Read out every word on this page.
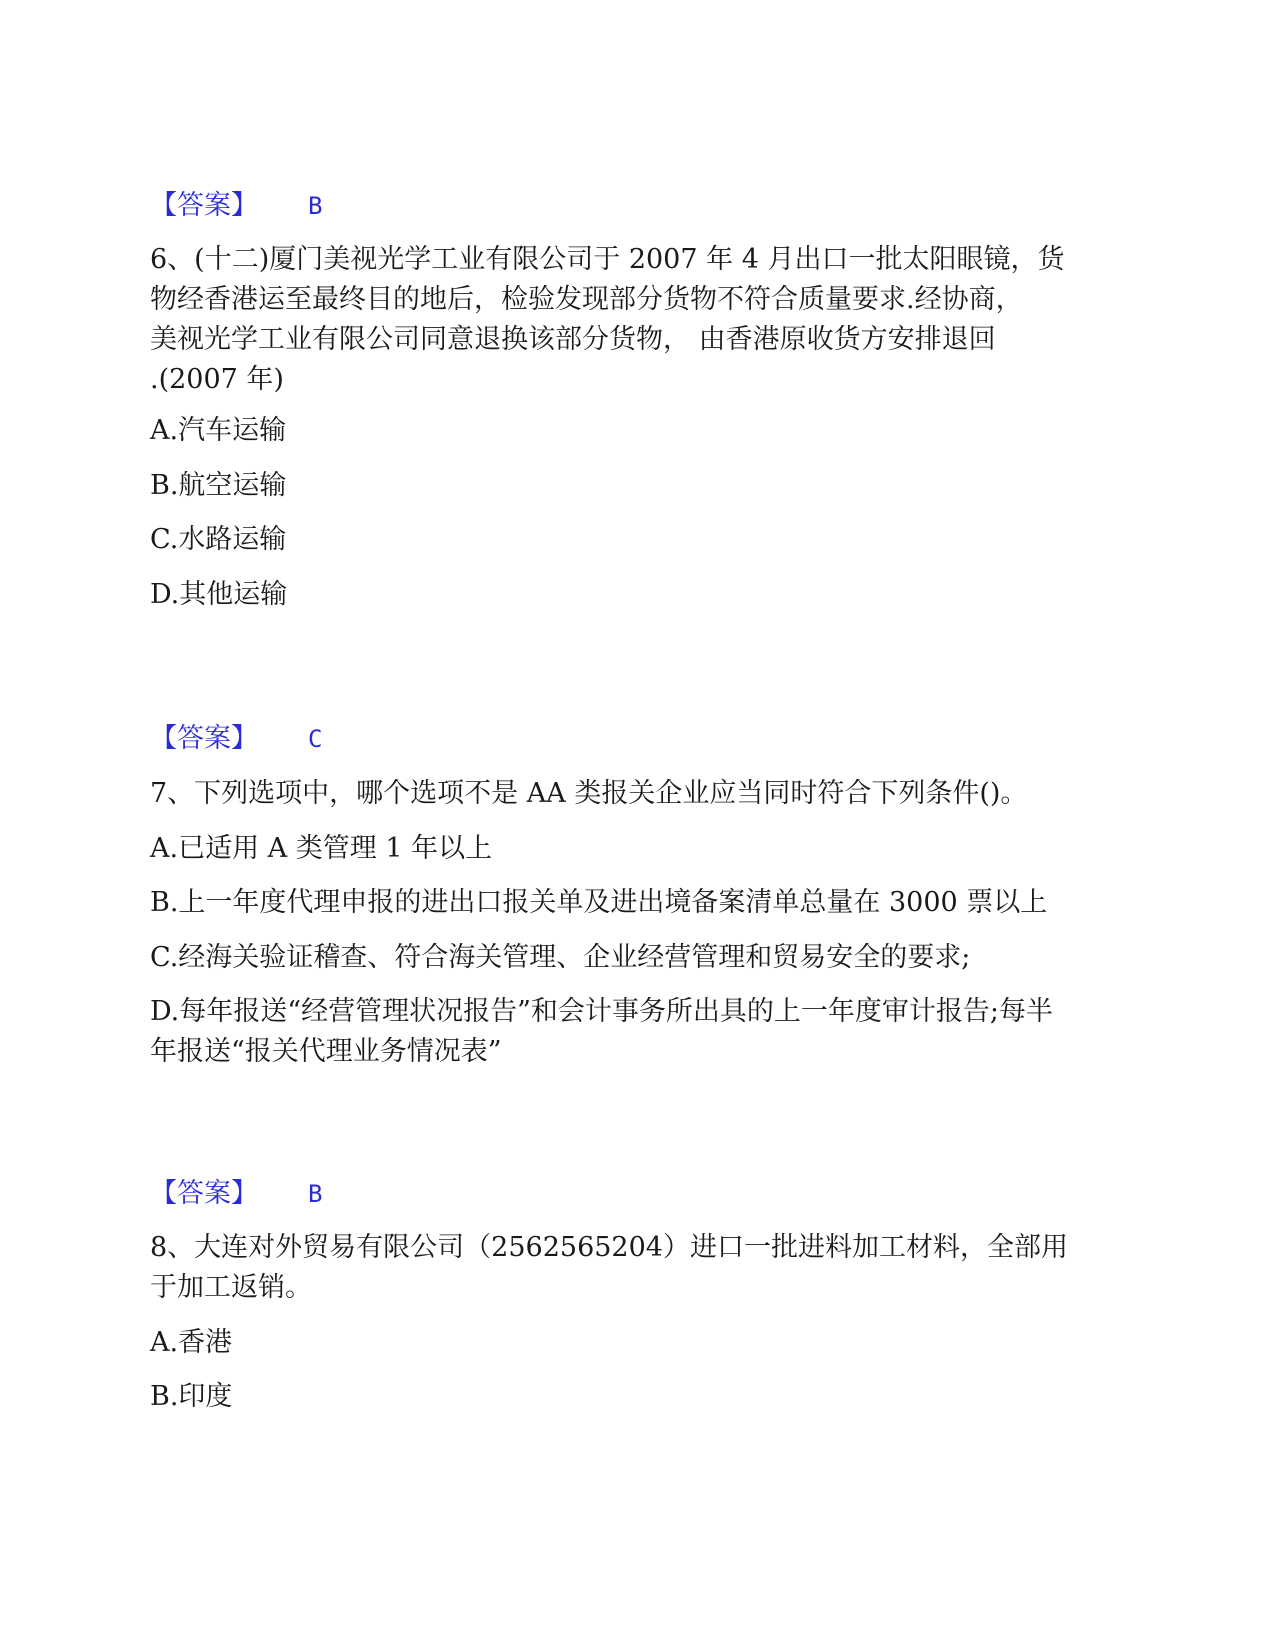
【答案】 B
6、(十二)厦门美视光学工业有限公司于 2007 年 4 月出口一批太阳眼镜，货
物经香港运至最终目的地后，检验发现部分货物不符合质量要求.经协商，
美视光学工业有限公司同意退换该部分货物， 由香港原收货方安排退回
.(2007 年)
A.汽车运输
B.航空运输
C.水路运输
D.其他运输
【答案】 C
7、下列选项中，哪个选项不是 AA 类报关企业应当同时符合下列条件()。
A.已适用 A 类管理 1 年以上
B.上一年度代理申报的进出口报关单及进出境备案清单总量在 3000 票以上
C.经海关验证稽查、符合海关管理、企业经营管理和贸易安全的要求;
D.每年报送“经营管理状况报告”和会计事务所出具的上一年度审计报告;每半
年报送“报关代理业务情况表”
【答案】 B
8、大连对外贸易有限公司（2562565204）进口一批进料加工材料，全部用
于加工返销。
A.香港
B.印度
